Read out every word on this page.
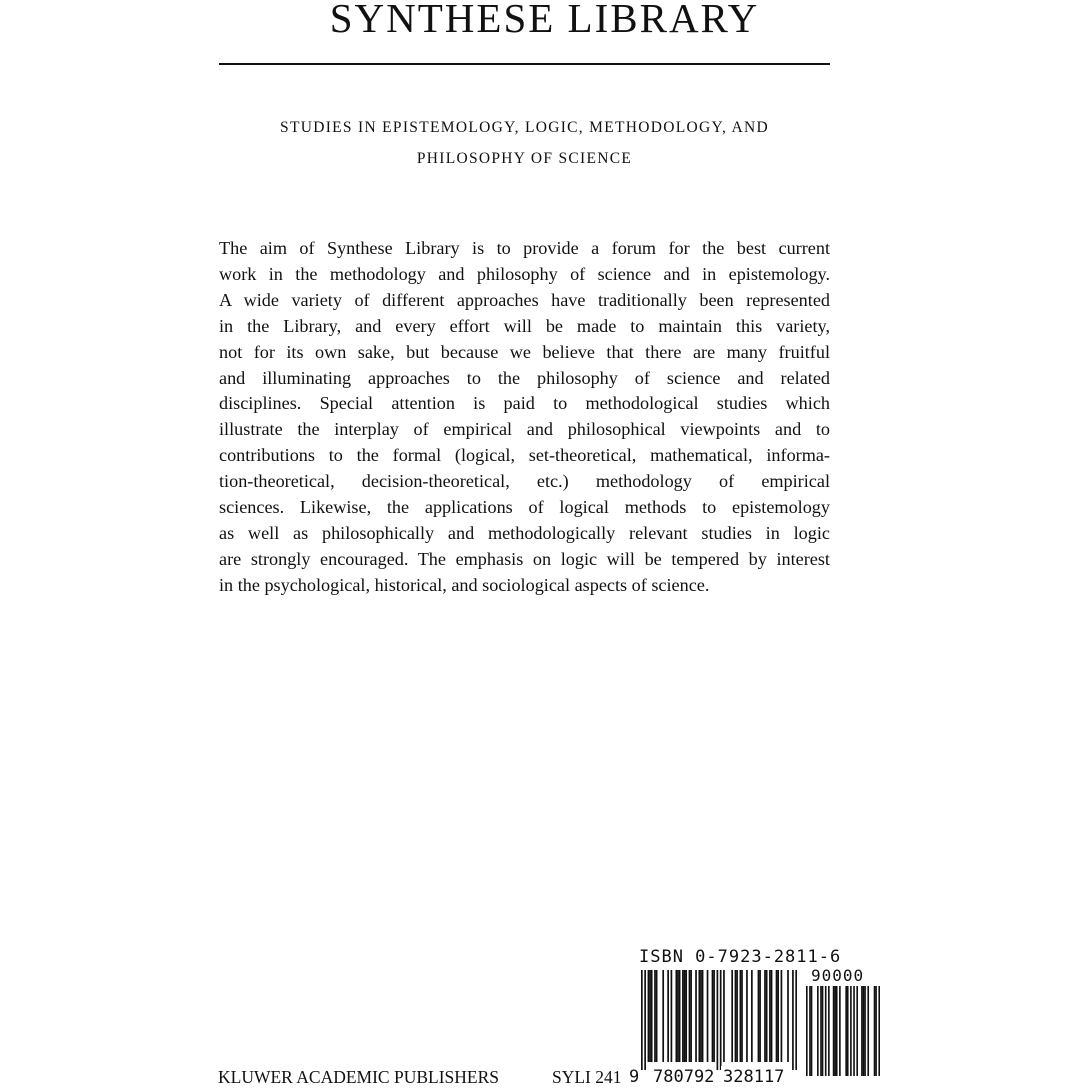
SYNTHESE LIBRARY

STUDIES IN EPISTEMOLOGY, LOGIC, METHODOLOGY, AND

PHILOSOPHY OF SCIENCE

The aim of Synthese Library is to provide a forum for the best current
work in the methodology and philosophy of science and in epistemology.
A wide variety of different approaches have traditionally been represented
in the Library, and every effort will be made to maintain this variety,
not for its own sake, but because we believe that there are many fruitful
and illuminating approaches to the philosophy of science and related
disciplines. Special attention is paid to methodological studies which
illustrate the interplay of empirical and philosophical viewpoints and to
contributions to the formal (logical, set-theoretical, mathematical, informa-
tion-theoretical, decision-theoretical, etc.) methodology of empirical
sciences. Likewise, the applications of logical methods to epistemology
as well as philosophically and methodologically relevant studies in logic
are strongly encouraged. The emphasis on logic will be tempered by interest
in the psychological, historical, and sociological aspects of science.

ISBN 0-7923-2811-6

90000

9 780792 328117

KLUWER ACADEMIC PUBLISHERS	SYLI 241
